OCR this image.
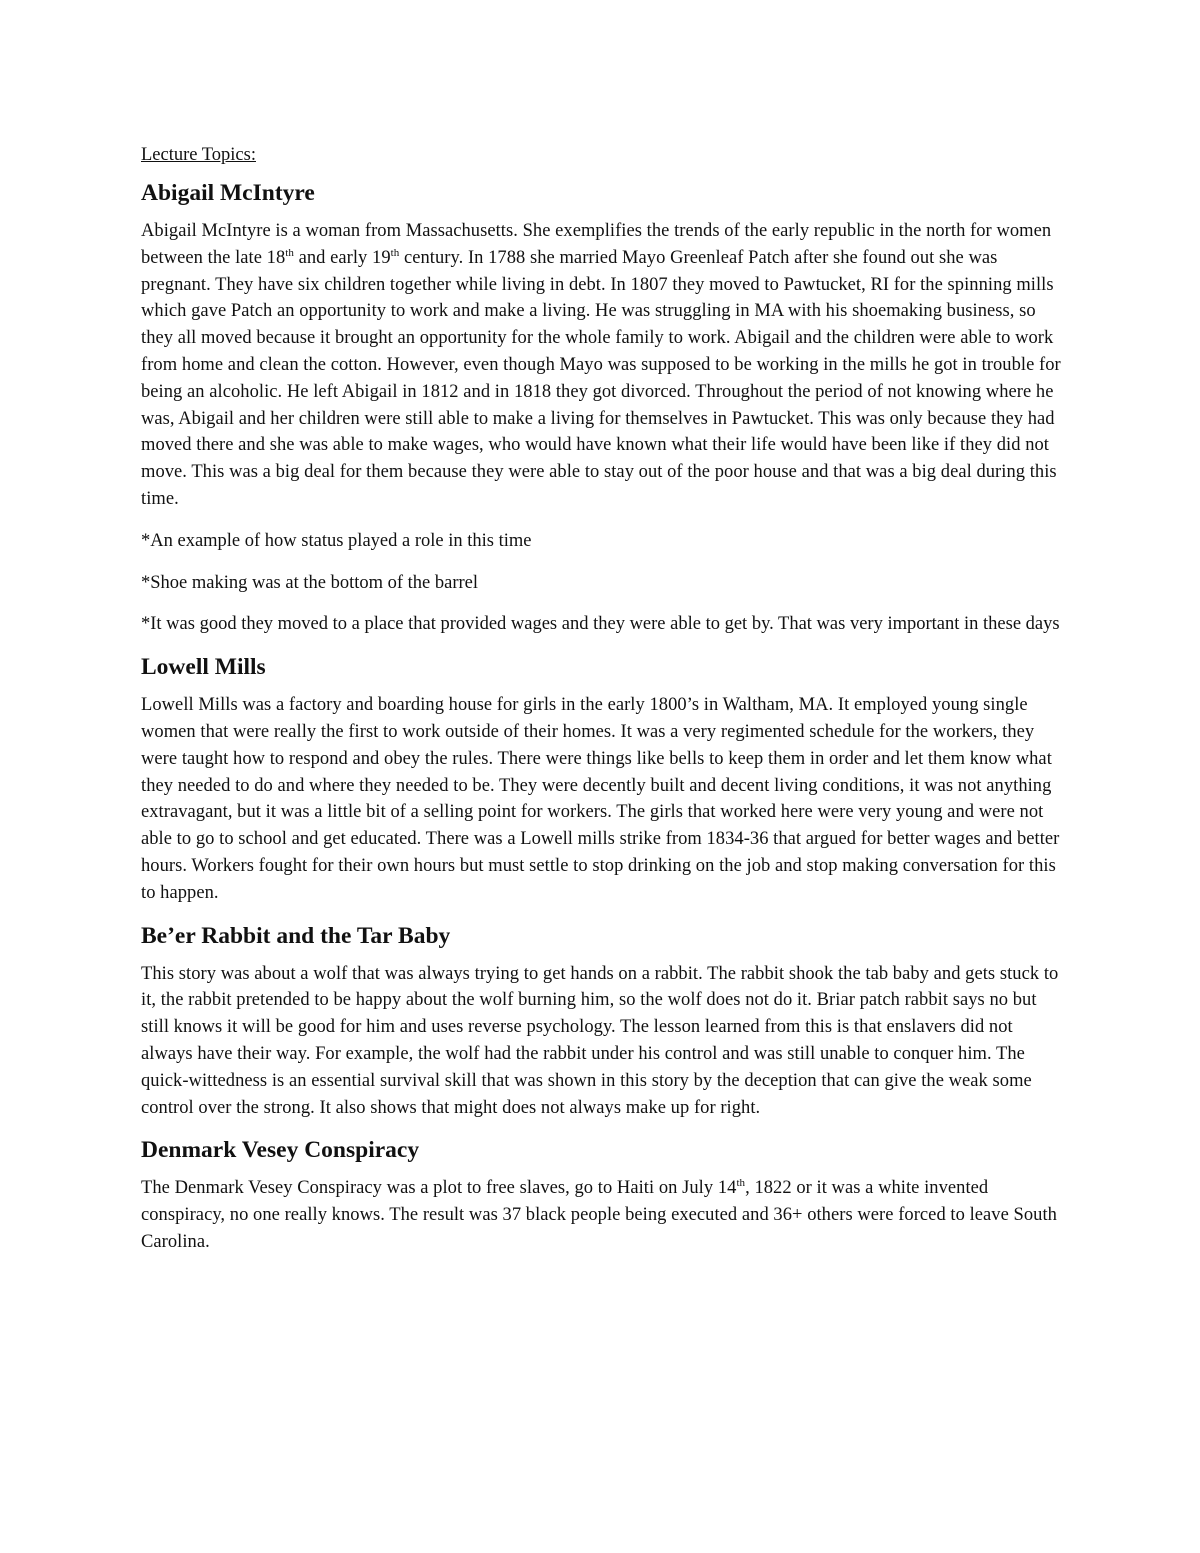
Lecture Topics:
Abigail McIntyre

Abigail McIntyre is a woman from Massachusetts. She exemplifies the trends of the early republic in the north for women between the late 18th and early 19th century. In 1788 she married Mayo Greenleaf Patch after she found out she was pregnant. They have six children together while living in debt. In 1807 they moved to Pawtucket, RI for the spinning mills which gave Patch an opportunity to work and make a living. He was struggling in MA with his shoemaking business, so they all moved because it brought an opportunity for the whole family to work. Abigail and the children were able to work from home and clean the cotton. However, even though Mayo was supposed to be working in the mills he got in trouble for being an alcoholic. He left Abigail in 1812 and in 1818 they got divorced. Throughout the period of not knowing where he was, Abigail and her children were still able to make a living for themselves in Pawtucket. This was only because they had moved there and she was able to make wages, who would have known what their life would have been like if they did not move. This was a big deal for them because they were able to stay out of the poor house and that was a big deal during this time.

*An example of how status played a role in this time

*Shoe making was at the bottom of the barrel

*It was good they moved to a place that provided wages and they were able to get by. That was very important in these days

Lowell Mills

Lowell Mills was a factory and boarding house for girls in the early 1800’s in Waltham, MA. It employed young single women that were really the first to work outside of their homes. It was a very regimented schedule for the workers, they were taught how to respond and obey the rules. There were things like bells to keep them in order and let them know what they needed to do and where they needed to be. They were decently built and decent living conditions, it was not anything extravagant, but it was a little bit of a selling point for workers. The girls that worked here were very young and were not able to go to school and get educated. There was a Lowell mills strike from 1834-36 that argued for better wages and better hours. Workers fought for their own hours but must settle to stop drinking on the job and stop making conversation for this to happen.

Be’er Rabbit and the Tar Baby

This story was about a wolf that was always trying to get hands on a rabbit. The rabbit shook the tab baby and gets stuck to it, the rabbit pretended to be happy about the wolf burning him, so the wolf does not do it. Briar patch rabbit says no but still knows it will be good for him and uses reverse psychology. The lesson learned from this is that enslavers did not always have their way. For example, the wolf had the rabbit under his control and was still unable to conquer him. The quick-wittedness is an essential survival skill that was shown in this story by the deception that can give the weak some control over the strong. It also shows that might does not always make up for right.

Denmark Vesey Conspiracy

The Denmark Vesey Conspiracy was a plot to free slaves, go to Haiti on July 14th, 1822 or it was a white invented conspiracy, no one really knows. The result was 37 black people being executed and 36+ others were forced to leave South Carolina.
